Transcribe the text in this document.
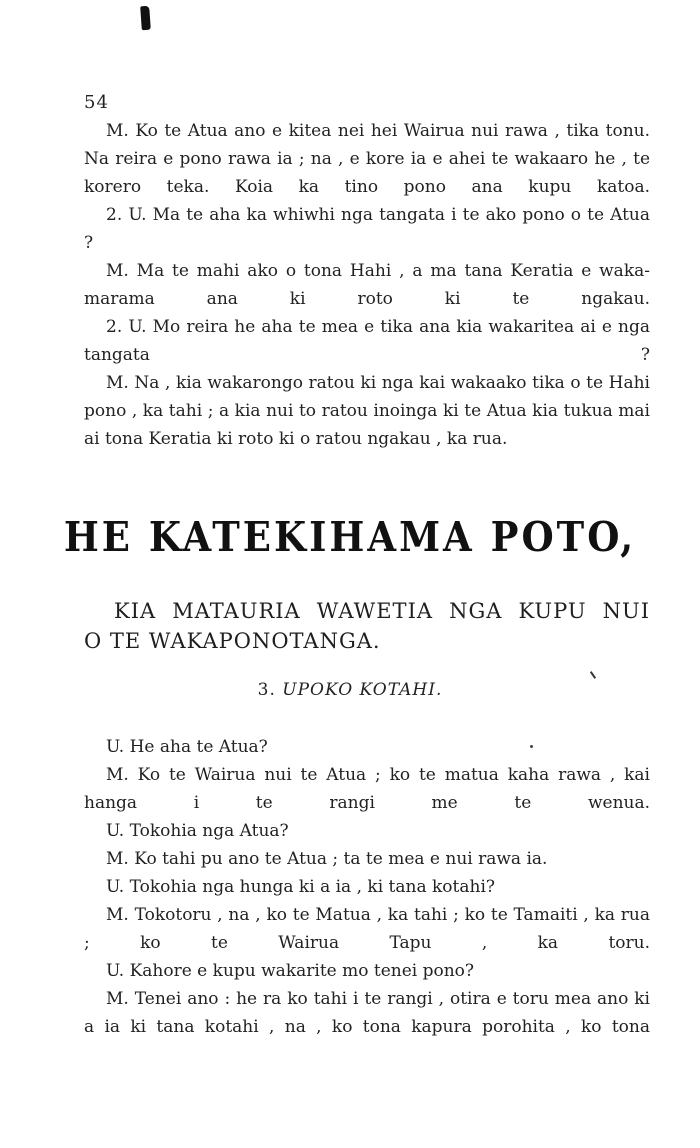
54

M. Ko te Atua ano e kitea nei hei Wairua nui rawa , tika tonu. Na reira e pono rawa ia ; na , e kore ia e ahei te wakaaro he , te korero teka. Koia ka tino pono ana kupu katoa.

2. U. Ma te aha ka whiwhi nga tangata i te ako pono o te Atua ?

M. Ma te mahi ako o tona Hahi , a ma tana Keratia e waka-marama ana ki roto ki te ngakau.

2. U. Mo reira he aha te mea e tika ana kia wakaritea ai e nga tangata ?

M. Na , kia wakarongo ratou ki nga kai wakaako tika o te Hahi pono , ka tahi ; a kia nui to ratou inoinga ki te Atua kia tukua mai ai tona Keratia ki roto ki o ratou ngakau , ka rua.

HE KATEKIHAMA POTO,
KIA MATAURIA WAWETIA NGA KUPU NUI
O TE WAKAPONOTANGA.
3. UPOKO KOTAHI.

U. He aha te Atua?

M. Ko te Wairua nui te Atua ; ko te matua kaha rawa , kai hanga i te rangi me te wenua.

U. Tokohia nga Atua?

M. Ko tahi pu ano te Atua ; ta te mea e nui rawa ia.

U. Tokohia nga hunga ki a ia , ki tana kotahi?

M. Tokotoru , na , ko te Matua , ka tahi ; ko te Tamaiti , ka rua ; ko te Wairua Tapu , ka toru.

U. Kahore e kupu wakarite mo tenei pono?

M. Tenei ano : he ra ko tahi i te rangi , otira e toru mea ano ki a ia ki tana kotahi , na , ko tona kapura porohita , ko tona
